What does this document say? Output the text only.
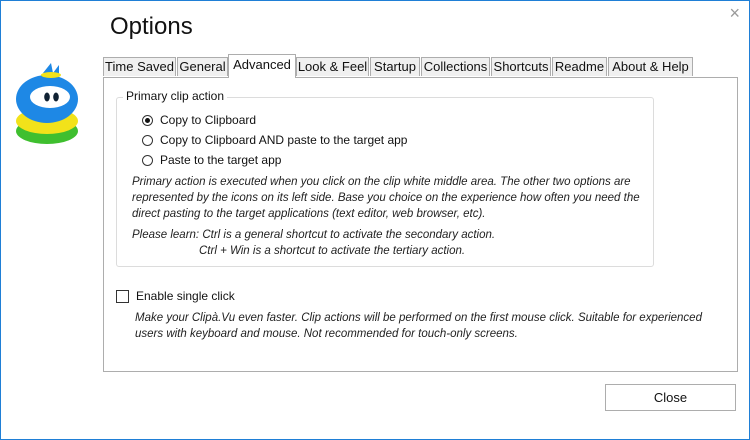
×
Options
Time Saved General Advanced Look & Feel Startup Collections Shortcuts Readme About & Help
Primary clip action
Copy to Clipboard
Copy to Clipboard AND paste to the target app
Paste to the target app
Primary action is executed when you click on the clip white middle area. The other two options are
represented by the icons on its left side. Base you choice on the experience how often you need the
direct pasting to the target applications (text editor, web browser, etc).
Please learn: Ctrl is a general shortcut to activate the secondary action.
Ctrl + Win is a shortcut to activate the tertiary action.
Enable single click
Make your Clipà.Vu even faster. Clip actions will be performed on the first mouse click. Suitable for experienced
users with keyboard and mouse. Not recommended for touch-only screens.
Close
